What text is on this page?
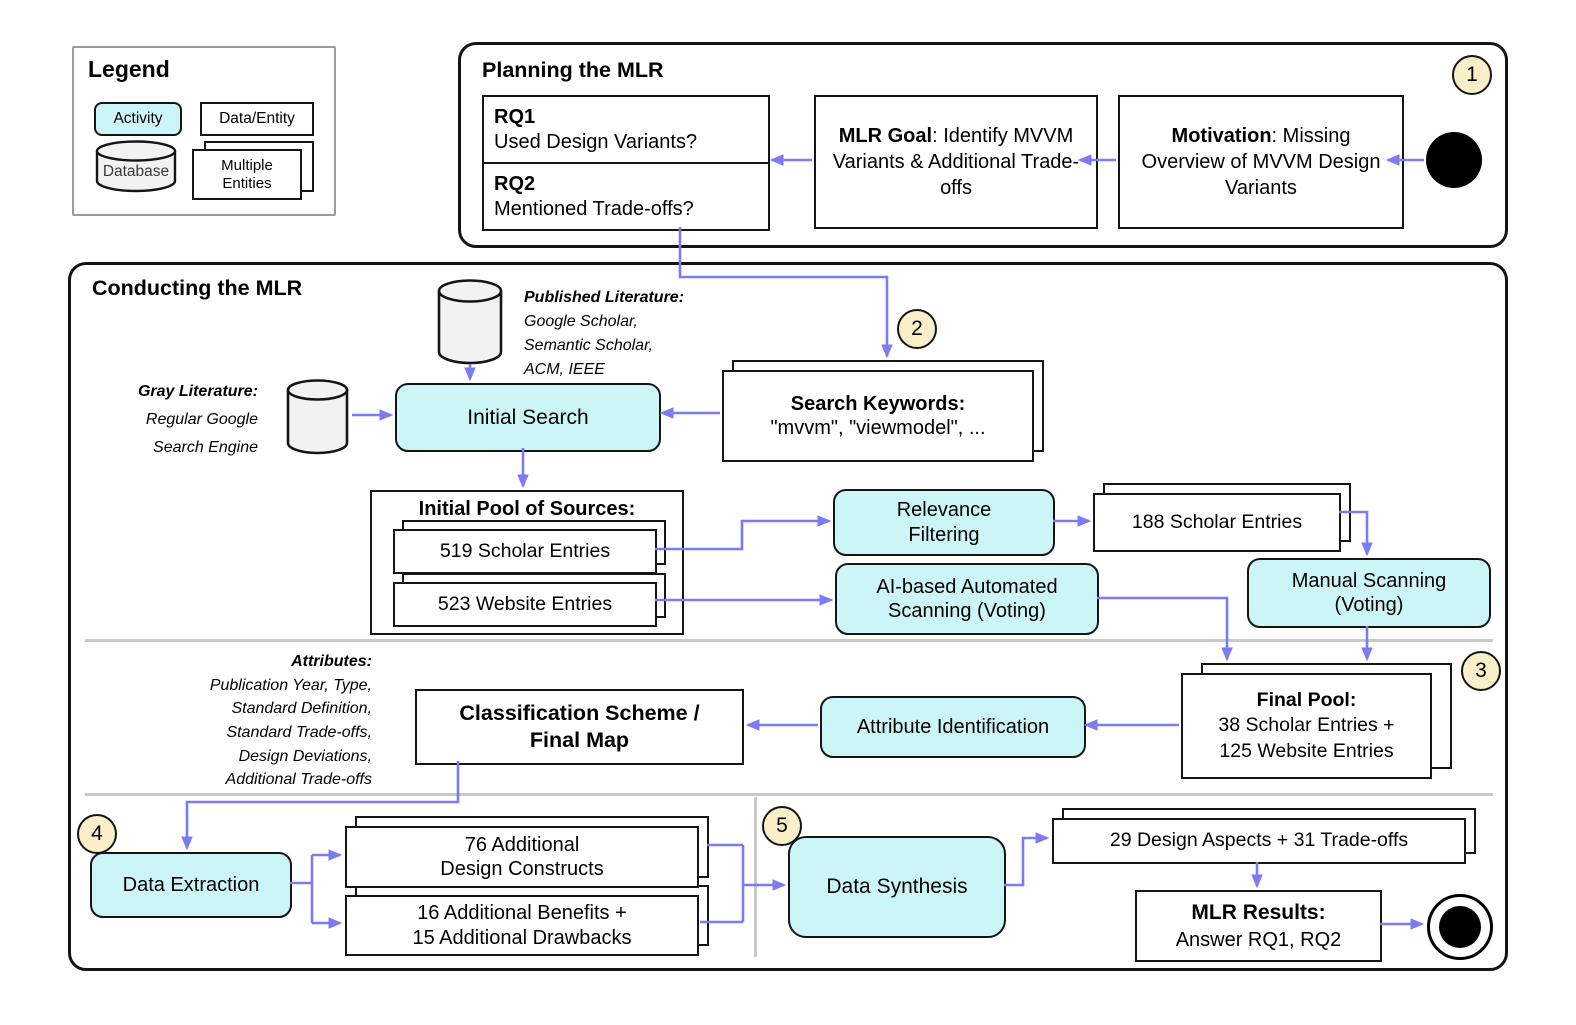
Legend
Activity	Data/Entity
Database	Multiple
Entities
Planning the MLR	1
RQ1
Used Design Variants?
RQ2
Mentioned Trade-offs?
MLR Goal: Identify MVVM Variants & Additional Trade-offs
Motivation: Missing Overview of MVVM Design Variants
Conducting the MLR	Published Literature:
Google Scholar,
Semantic Scholar,
ACM, IEEE
Gray Literature:
Regular Google
Search Engine
Initial Search
2
Search Keywords:
"mvvm", "viewmodel", ...
Initial Pool of Sources:
519 Scholar Entries
523 Website Entries
Relevance
Filtering
188 Scholar Entries
Manual Scanning
(Voting)
AI-based Automated
Scanning (Voting)
3
Final Pool:
38 Scholar Entries +
125 Website Entries
Attribute Identification
Classification Scheme /
Final Map
Attributes:
Publication Year, Type,
Standard Definition,
Standard Trade-offs,
Design Deviations,
Additional Trade-offs
4
Data Extraction
76 Additional
Design Constructs
16 Additional Benefits +
15 Additional Drawbacks
5
Data Synthesis
29 Design Aspects + 31 Trade-offs
MLR Results:
Answer RQ1, RQ2
